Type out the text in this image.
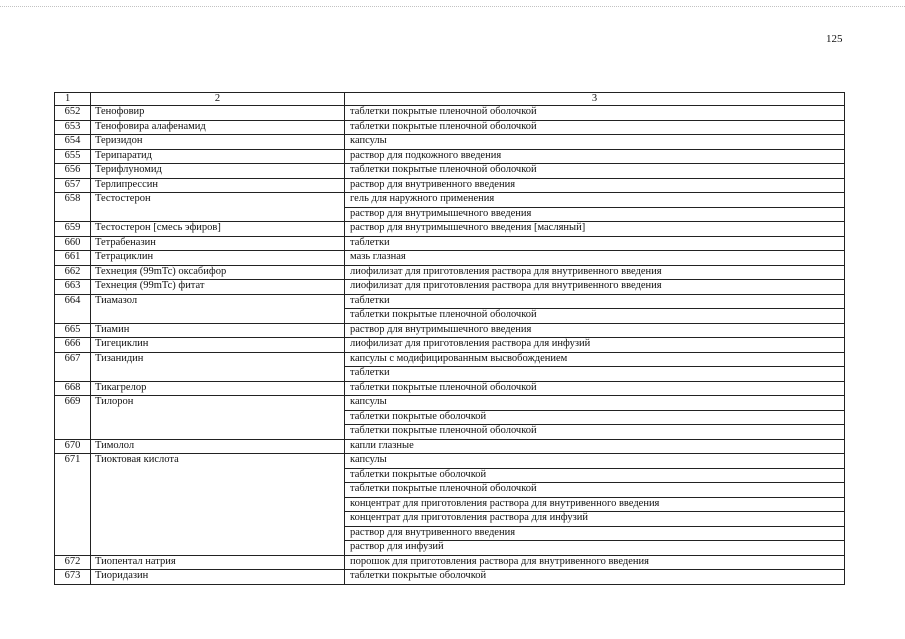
125
1	2	3
652	Тенофовир	таблетки покрытые пленочной оболочкой
653	Тенофовира алафенамид	таблетки покрытые пленочной оболочкой
654	Теризидон	капсулы
655	Терипаратид	раствор для подкожного введения
656	Терифлуномид	таблетки покрытые пленочной оболочкой
657	Терлипрессин	раствор для внутривенного введения
658	Тестостерон	гель для наружного применения
		раствор для внутримышечного введения
659	Тестостерон [смесь эфиров]	раствор для внутримышечного введения [масляный]
660	Тетрабеназин	таблетки
661	Тетрациклин	мазь глазная
662	Технеция (99mTc) оксабифор	лиофилизат для приготовления раствора для внутривенного введения
663	Технеция (99mTc) фитат	лиофилизат для приготовления раствора для внутривенного введения
664	Тиамазол	таблетки
		таблетки покрытые пленочной оболочкой
665	Тиамин	раствор для внутримышечного введения
666	Тигециклин	лиофилизат для приготовления раствора для инфузий
667	Тизанидин	капсулы с модифицированным высвобождением
		таблетки
668	Тикагрелор	таблетки покрытые пленочной оболочкой
669	Тилорон	капсулы
		таблетки покрытые оболочкой
		таблетки покрытые пленочной оболочкой
670	Тимолол	капли глазные
671	Тиоктовая кислота	капсулы
		таблетки покрытые оболочкой
		таблетки покрытые пленочной оболочкой
		концентрат для приготовления раствора для внутривенного введения
		концентрат для приготовления раствора для инфузий
		раствор для внутривенного введения
		раствор для инфузий
672	Тиопентал натрия	порошок для приготовления раствора для внутривенного введения
673	Тиоридазин	таблетки покрытые оболочкой
